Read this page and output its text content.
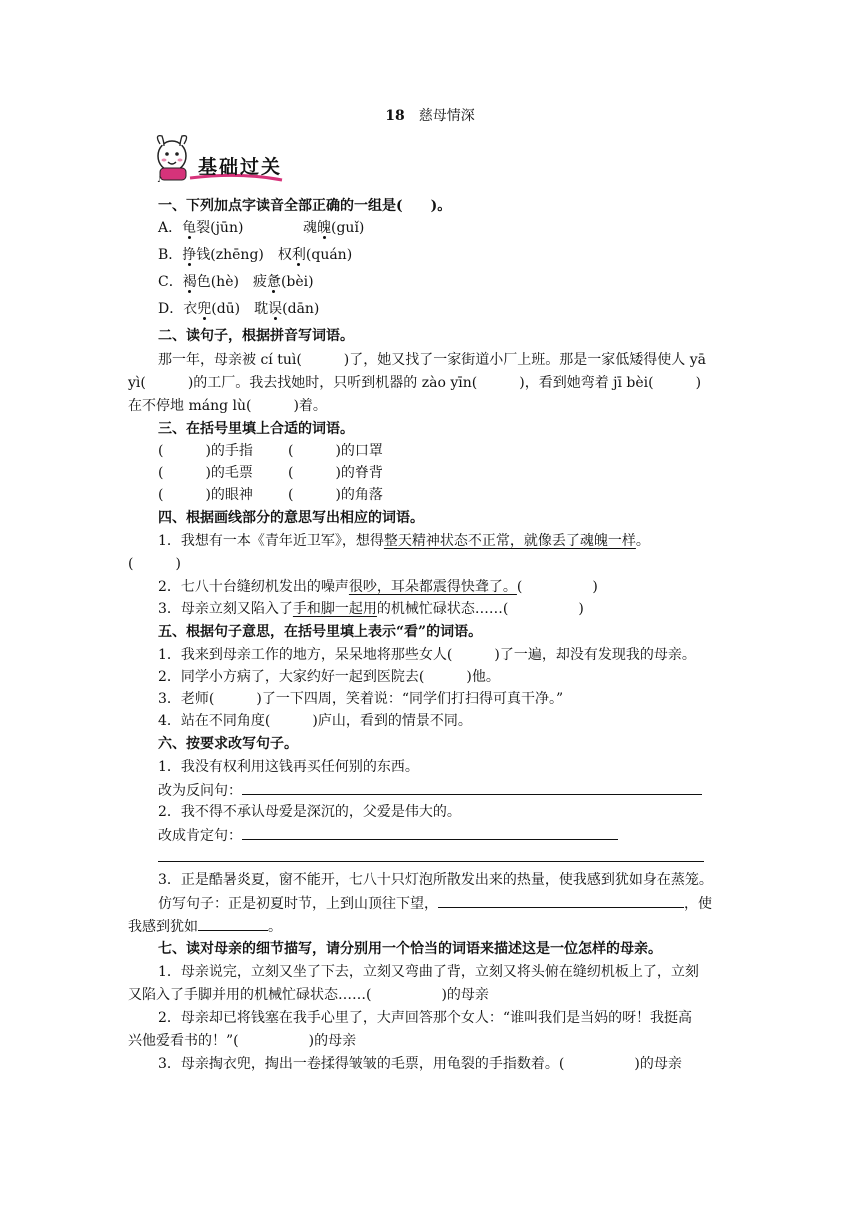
18　 慈母情深
♪
基础过关
一、下列加点字读音全部正确的一组是(　　)。
A．龟裂(jūn)	魂魄(guǐ)
B．挣钱(zhēng)　 权利(quán)
C．褐色(hè)　 疲惫(bèi)
D．衣兜(dū)　 耽误(dān)
二、读句子，根据拼音写词语。
那一年，母亲被 cí tuì(　　　)了，她又找了一家街道小厂上班。那是一家低矮得使人 yā
yì(　　　)的工厂。我去找她时，只听到机器的 zào yīn(　　　)，看到她弯着 jī bèi(　　　)
在不停地 máng lù(　　　)着。
三、在括号里填上合适的词语。
(　　　)的手指	(　　　)的口罩
(　　　)的毛票	(　　　)的脊背
(　　　)的眼神	(　　　)的角落
四、根据画线部分的意思写出相应的词语。
1．我想有一本《青年近卫军》，想得整天精神状态不正常，就像丢了魂魄一样。
(　　　)
2．七八十台缝纫机发出的噪声很吵，耳朵都震得快聋了。(　　　　　)
3．母亲立刻又陷入了手和脚一起用的机械忙碌状态……(　　　　　)
五、根据句子意思，在括号里填上表示“看”的词语。
1．我来到母亲工作的地方，呆呆地将那些女人(　　　)了一遍，却没有发现我的母亲。
2．同学小方病了，大家约好一起到医院去(　　　)他。
3．老师(　　　)了一下四周，笑着说：“同学们打扫得可真干净。”
4．站在不同角度(　　　)庐山，看到的情景不同。
六、按要求改写句子。
1．我没有权利用这钱再买任何别的东西。
改为反问句：
2．我不得不承认母爱是深沉的，父爱是伟大的。
改成肯定句：
3．正是酷暑炎夏，窗不能开，七八十只灯泡所散发出来的热量，使我感到犹如身在蒸笼。
仿写句子：正是初夏时节，上到山顶往下望，	，使
我感到犹如	。
七、读对母亲的细节描写，请分别用一个恰当的词语来描述这是一位怎样的母亲。
1．母亲说完，立刻又坐了下去，立刻又弯曲了背，立刻又将头俯在缝纫机板上了，立刻
又陷入了手脚并用的机械忙碌状态……(　　　　　)的母亲
2．母亲却已将钱塞在我手心里了，大声回答那个女人：“谁叫我们是当妈的呀！我挺高
兴他爱看书的！”(　　　　　)的母亲
3．母亲掏衣兜，掏出一卷揉得皱皱的毛票，用龟裂的手指数着。(　　　　　)的母亲
